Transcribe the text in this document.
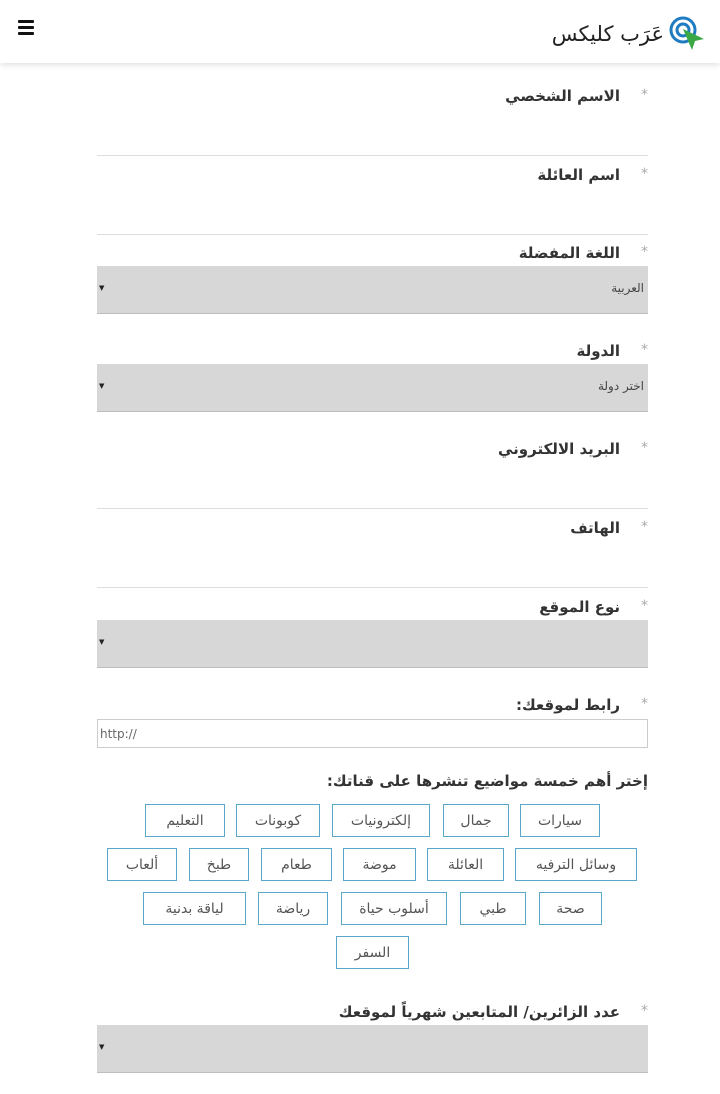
عَرَب كليكس
*
الاسم الشخصي
*
اسم العائلة
*
اللغة المفضلة
العربية
▼
*
الدولة
اختر دولة
▼
*
البريد الالكتروني
*
الهاتف
*
نوع الموقع
▼
*
رابط لموقعك:
http://
*
عدد الزائرين/ المتابعين شهرياً لموقعك
▼
إختر أهم خمسة مواضيع تنشرها على قناتك:
سيارات
جمال
إلكترونيات
كوبونات
التعليم
وسائل الترفيه
العائلة
موضة
طعام
طبخ
ألعاب
صحة
طبي
أسلوب حياة
رياضة
لياقة بدنية
السفر
